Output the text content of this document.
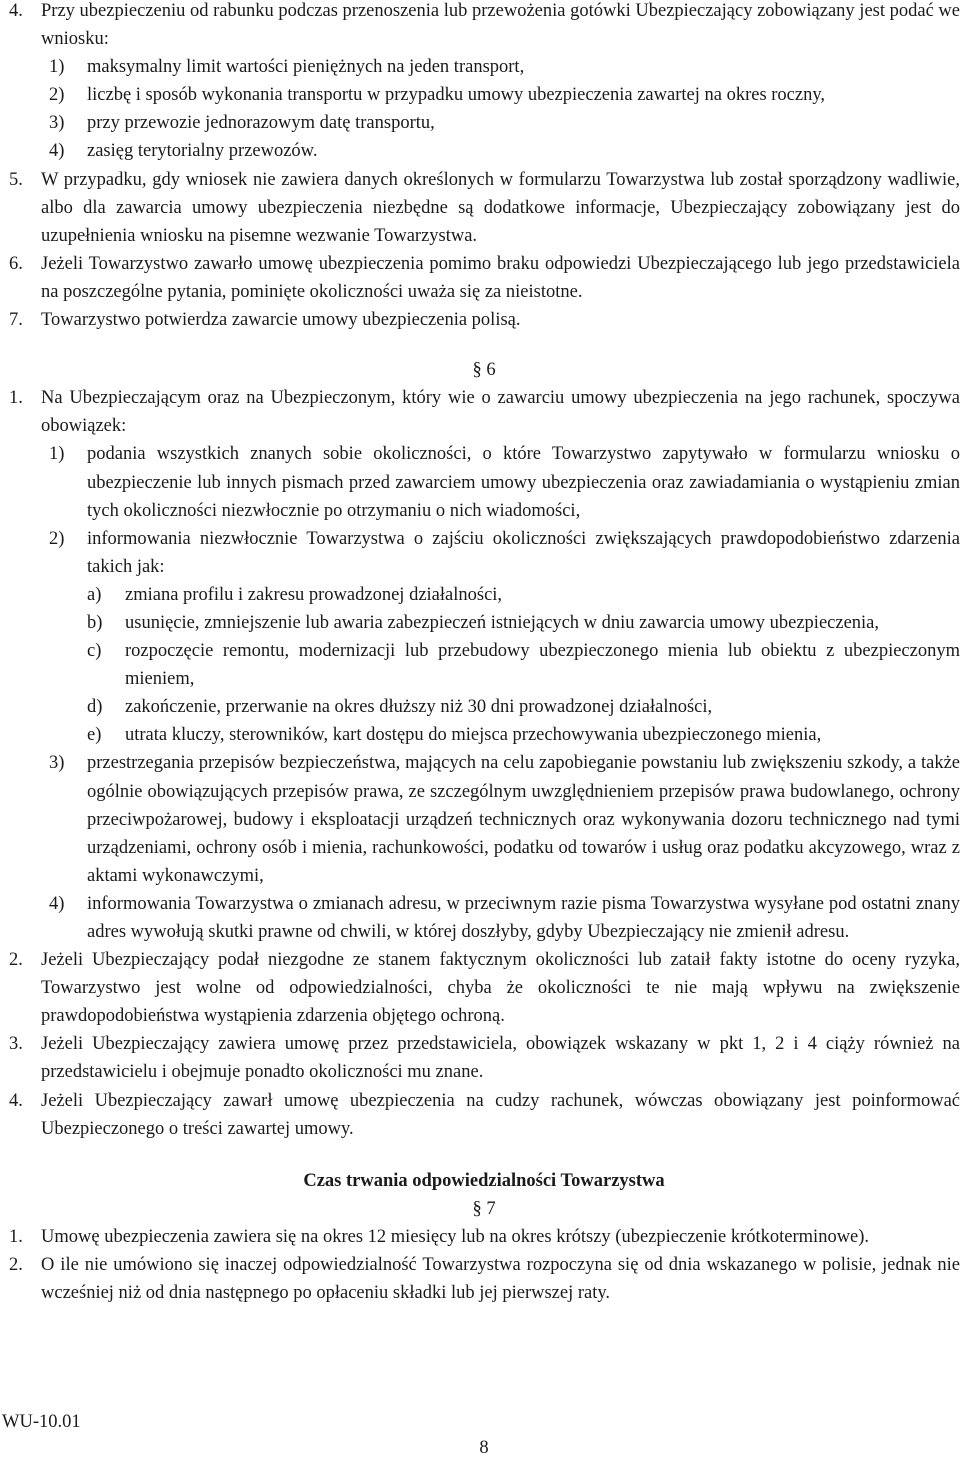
4. Przy ubezpieczeniu od rabunku podczas przenoszenia lub przewożenia gotówki Ubezpieczający zobowiązany jest podać we wniosku:
1) maksymalny limit wartości pieniężnych na jeden transport,
2) liczbę i sposób wykonania transportu w przypadku umowy ubezpieczenia zawartej na okres roczny,
3) przy przewozie jednorazowym datę transportu,
4) zasięg terytorialny przewozów.
5. W przypadku, gdy wniosek nie zawiera danych określonych w formularzu Towarzystwa lub został sporządzony wadliwie, albo dla zawarcia umowy ubezpieczenia niezbędne są dodatkowe informacje, Ubezpieczający zobowiązany jest do uzupełnienia wniosku na pisemne wezwanie Towarzystwa.
6. Jeżeli Towarzystwo zawarło umowę ubezpieczenia pomimo braku odpowiedzi Ubezpieczającego lub jego przedstawiciela na poszczególne pytania, pominięte okoliczności uważa się za nieistotne.
7. Towarzystwo potwierdza zawarcie umowy ubezpieczenia polisą.
§ 6
1. Na Ubezpieczającym oraz na Ubezpieczonym, który wie o zawarciu umowy ubezpieczenia na jego rachunek, spoczywa obowiązek:
1) podania wszystkich znanych sobie okoliczności, o które Towarzystwo zapytywało w formularzu wniosku o ubezpieczenie lub innych pismach przed zawarciem umowy ubezpieczenia oraz zawiadamiania o wystąpieniu zmian tych okoliczności niezwłocznie po otrzymaniu o nich wiadomości,
2) informowania niezwłocznie Towarzystwa o zajściu okoliczności zwiększających prawdopodobieństwo zdarzenia takich jak:
a) zmiana profilu i zakresu prowadzonej działalności,
b) usunięcie, zmniejszenie lub awaria zabezpieczeń istniejących w dniu zawarcia umowy ubezpieczenia,
c) rozpoczęcie remontu, modernizacji lub przebudowy ubezpieczonego mienia lub obiektu z ubezpieczonym mieniem,
d) zakończenie, przerwanie na okres dłuższy niż 30 dni prowadzonej działalności,
e) utrata kluczy, sterowników, kart dostępu do miejsca przechowywania ubezpieczonego mienia,
3) przestrzegania przepisów bezpieczeństwa, mających na celu zapobieganie powstaniu lub zwiększeniu szkody, a także ogólnie obowiązujących przepisów prawa, ze szczególnym uwzględnieniem przepisów prawa budowlanego, ochrony przeciwpożarowej, budowy i eksploatacji urządzeń technicznych oraz wykonywania dozoru technicznego nad tymi urządzeniami, ochrony osób i mienia, rachunkowości, podatku od towarów i usług oraz podatku akcyzowego, wraz z aktami wykonawczymi,
4) informowania Towarzystwa o zmianach adresu, w przeciwnym razie pisma Towarzystwa wysyłane pod ostatni znany adres wywołują skutki prawne od chwili, w której doszłyby, gdyby Ubezpieczający nie zmienił adresu.
2. Jeżeli Ubezpieczający podał niezgodne ze stanem faktycznym okoliczności lub zataił fakty istotne do oceny ryzyka, Towarzystwo jest wolne od odpowiedzialności, chyba że okoliczności te nie mają wpływu na zwiększenie prawdopodobieństwa wystąpienia zdarzenia objętego ochroną.
3. Jeżeli Ubezpieczający zawiera umowę przez przedstawiciela, obowiązek wskazany w pkt 1, 2 i 4 ciąży również na przedstawicielu i obejmuje ponadto okoliczności mu znane.
4. Jeżeli Ubezpieczający zawarł umowę ubezpieczenia na cudzy rachunek, wówczas obowiązany jest poinformować Ubezpieczonego o treści zawartej umowy.
Czas trwania odpowiedzialności Towarzystwa
§ 7
1. Umowę ubezpieczenia zawiera się na okres 12 miesięcy lub na okres krótszy (ubezpieczenie krótkoterminowe).
2. O ile nie umówiono się inaczej odpowiedzialność Towarzystwa rozpoczyna się od dnia wskazanego w polisie, jednak nie wcześniej niż od dnia następnego po opłaceniu składki lub jej pierwszej raty.
WU-10.01
8
